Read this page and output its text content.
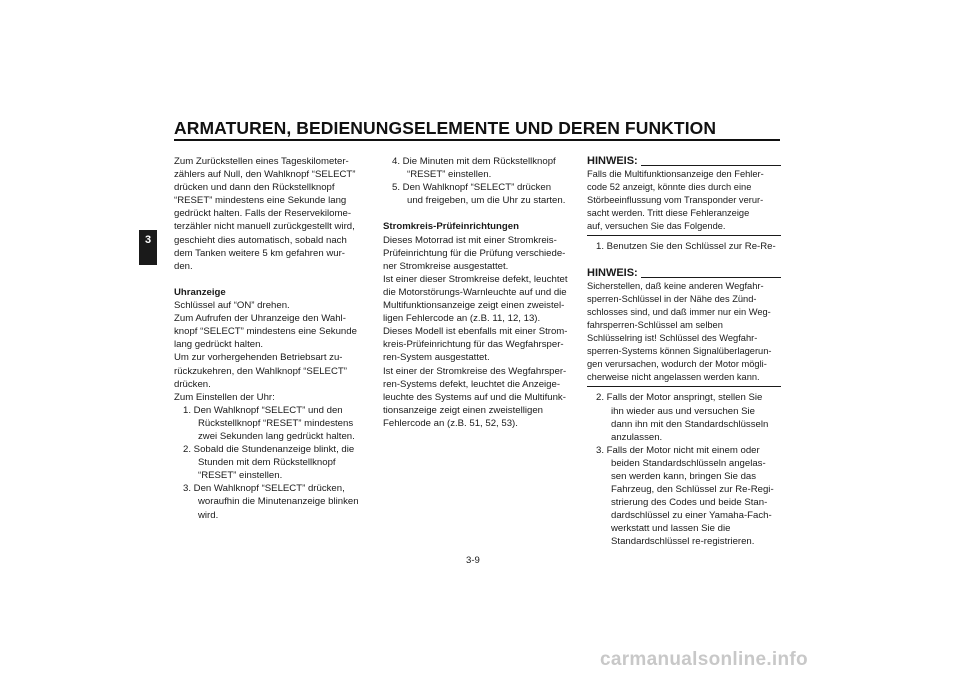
ARMATUREN, BEDIENUNGSELEMENTE UND DEREN FUNKTION
3

Zum Zurückstellen eines Tageskilometer-

zählers auf Null, den Wahlknopf “SELECT”

drücken und dann den Rückstellknopf

“RESET” mindestens eine Sekunde lang

gedrückt halten. Falls der Reservekilome-

terzähler nicht manuell zurückgestellt wird,

geschieht dies automatisch, sobald nach

dem Tanken weitere 5 km gefahren wur-

den.

Uhranzeige

Schlüssel auf “ON” drehen.

Zum Aufrufen der Uhranzeige den Wahl-

knopf “SELECT” mindestens eine Sekunde

lang gedrückt halten.

Um zur vorhergehenden Betriebsart zu-

rückzukehren, den Wahlknopf “SELECT”

drücken.

Zum Einstellen der Uhr:

1. Den Wahlknopf “SELECT” und den

Rückstellknopf “RESET” mindestens

zwei Sekunden lang gedrückt halten.

2. Sobald die Stundenanzeige blinkt, die

Stunden mit dem Rückstellknopf

“RESET” einstellen.

3. Den Wahlknopf “SELECT” drücken,

woraufhin die Minutenanzeige blinken

wird.

4. Die Minuten mit dem Rückstellknopf

“RESET” einstellen.

5. Den Wahlknopf “SELECT” drücken

und freigeben, um die Uhr zu starten.

Stromkreis-Prüfeinrichtungen

Dieses Motorrad ist mit einer Stromkreis-

Prüfeinrichtung für die Prüfung verschiede-

ner Stromkreise ausgestattet.

Ist einer dieser Stromkreise defekt, leuchtet

die Motorstörungs-Warnleuchte auf und die

Multifunktionsanzeige zeigt einen zweistel-

ligen Fehlercode an (z.B. 11, 12, 13).

Dieses Modell ist ebenfalls mit einer Strom-

kreis-Prüfeinrichtung für das Wegfahrsper-

ren-System ausgestattet.

Ist einer der Stromkreise des Wegfahrsper-

ren-Systems defekt, leuchtet die Anzeige-

leuchte des Systems auf und die Multifunk-

tionsanzeige zeigt einen zweistelligen

Fehlercode an (z.B. 51, 52, 53).

HINWEIS:

Falls die Multifunktionsanzeige den Fehler-

code 52 anzeigt, könnte dies durch eine

Störbeeinflussung vom Transponder verur-

sacht werden. Tritt diese Fehleranzeige

auf, versuchen Sie das Folgende.

1. Benutzen Sie den Schlüssel zur Re-Re-

HINWEIS:

Sicherstellen, daß keine anderen Wegfahr-

sperren-Schlüssel in der Nähe des Zünd-

schlosses sind, und daß immer nur ein Weg-

fahrsperren-Schlüssel am selben

Schlüsselring ist! Schlüssel des Wegfahr-

sperren-Systems können Signalüberlagerun-

gen verursachen, wodurch der Motor mögli-

cherweise nicht angelassen werden kann.

2. Falls der Motor anspringt, stellen Sie

ihn wieder aus und versuchen Sie

dann ihn mit den Standardschlüsseln

anzulassen.

3. Falls der Motor nicht mit einem oder

beiden Standardschlüsseln angelas-

sen werden kann, bringen Sie das

Fahrzeug, den Schlüssel zur Re-Regi-

strierung des Codes und beide Stan-

dardschlüssel zu einer Yamaha-Fach-

werkstatt und lassen Sie die

Standardschlüssel re-registrieren.

3-9
carmanualsonline.info
